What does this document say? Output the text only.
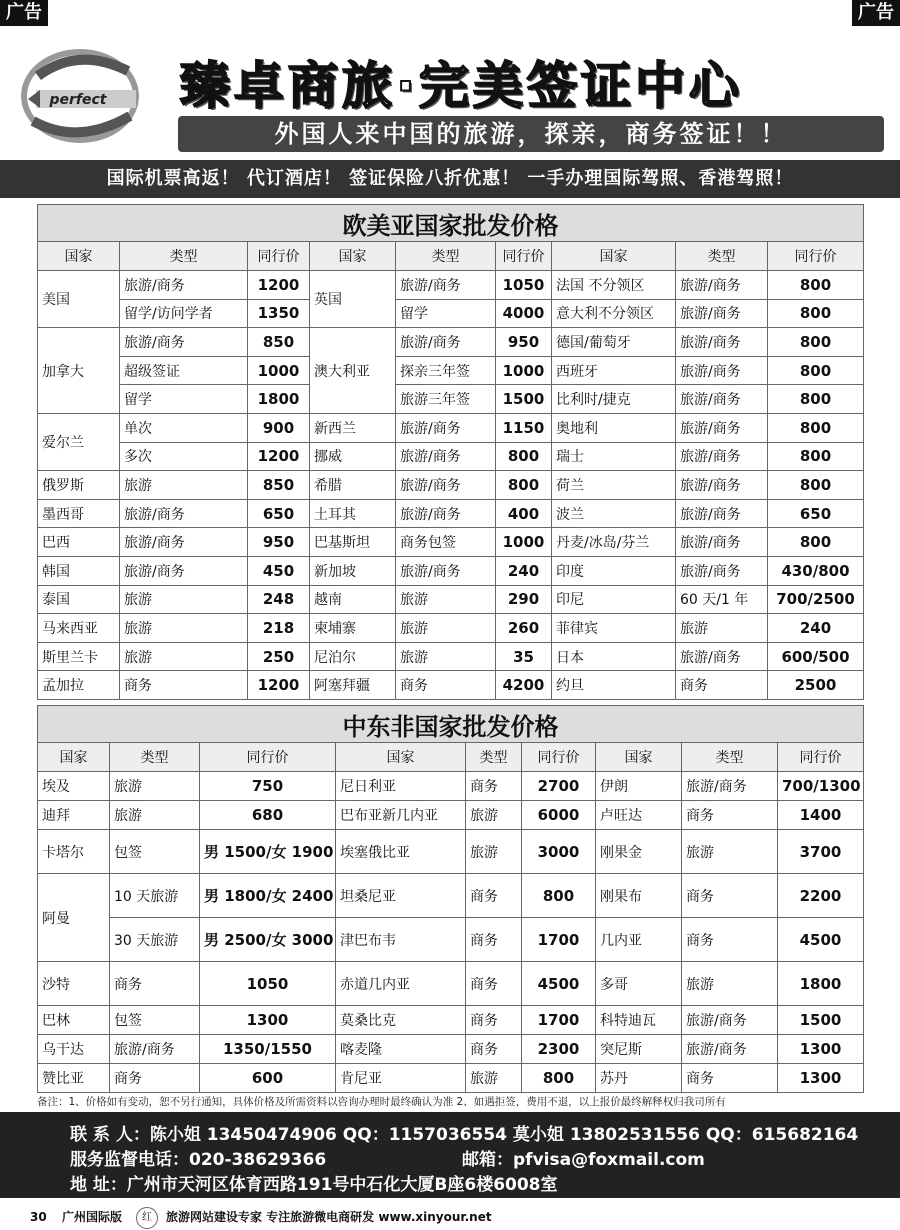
广告	广告
perfect 臻卓商旅·完美签证中心
外国人来中国的旅游，探亲，商务签证！！
国际机票高返！ 代订酒店！ 签证保险八折优惠！ 一手办理国际驾照、香港驾照！
欧美亚国家批发价格								
国家	类型	同行价	国家	类型	同行价	国家	类型	同行价
美国	旅游/商务	1200	英国	旅游/商务	1050	法国 不分领区	旅游/商务	800
	留学/访问学者	1350		留学	4000	意大利不分领区	旅游/商务	800
加拿大	旅游/商务	850	澳大利亚	旅游/商务	950	德国/葡萄牙	旅游/商务	800
	超级签证	1000		探亲三年签	1000	西班牙	旅游/商务	800
	留学	1800		旅游三年签	1500	比利时/捷克	旅游/商务	800
爱尔兰	单次	900	新西兰	旅游/商务	1150	奥地利	旅游/商务	800
	多次	1200	挪威	旅游/商务	800	瑞士	旅游/商务	800
俄罗斯	旅游	850	希腊	旅游/商务	800	荷兰	旅游/商务	800
墨西哥	旅游/商务	650	土耳其	旅游/商务	400	波兰	旅游/商务	650
巴西	旅游/商务	950	巴基斯坦	商务包签	1000	丹麦/冰岛/芬兰	旅游/商务	800
韩国	旅游/商务	450	新加坡	旅游/商务	240	印度	旅游/商务	430/800
泰国	旅游	248	越南	旅游	290	印尼	60 天/1 年	700/2500
马来西亚	旅游	218	柬埔寨	旅游	260	菲律宾	旅游	240
斯里兰卡	旅游	250	尼泊尔	旅游	35	日本	旅游/商务	600/500
孟加拉	商务	1200	阿塞拜疆	商务	4200	约旦	商务	2500
中东非国家批发价格								
国家	类型	同行价	国家	类型	同行价	国家	类型	同行价
埃及	旅游	750	尼日利亚	商务	2700	伊朗	旅游/商务	700/1300
迪拜	旅游	680	巴布亚新几内亚	旅游	6000	卢旺达	商务	1400
卡塔尔	包签	男 1500/女 1900	埃塞俄比亚	旅游	3000	刚果金	旅游	3700
阿曼	10 天旅游	男 1800/女 2400	坦桑尼亚	商务	800	刚果布	商务	2200
	30 天旅游	男 2500/女 3000	津巴布韦	商务	1700	几内亚	商务	4500
沙特	商务	1050	赤道几内亚	商务	4500	多哥	旅游	1800
巴林	包签	1300	莫桑比克	商务	1700	科特迪瓦	旅游/商务	1500
乌干达	旅游/商务	1350/1550	喀麦隆	商务	2300	突尼斯	旅游/商务	1300
赞比亚	商务	600	肯尼亚	旅游	800	苏丹	商务	1300
备注：1、价格如有变动，恕不另行通知，具体价格及所需资料以咨询办理时最终确认为准 2、如遇拒签，费用不退，以上报价最终解释权归我司所有
联 系 人：陈小姐 13450474906 QQ：1157036554 莫小姐 13802531556 QQ：615682164
服务监督电话：020-38629366	邮箱：pfvisa@foxmail.com
地 址：广州市天河区体育西路191号中石化大厦B座6楼6008室
30 广州国际版	红	旅游网站建设专家 专注旅游微电商研发 www.xinyour.net
